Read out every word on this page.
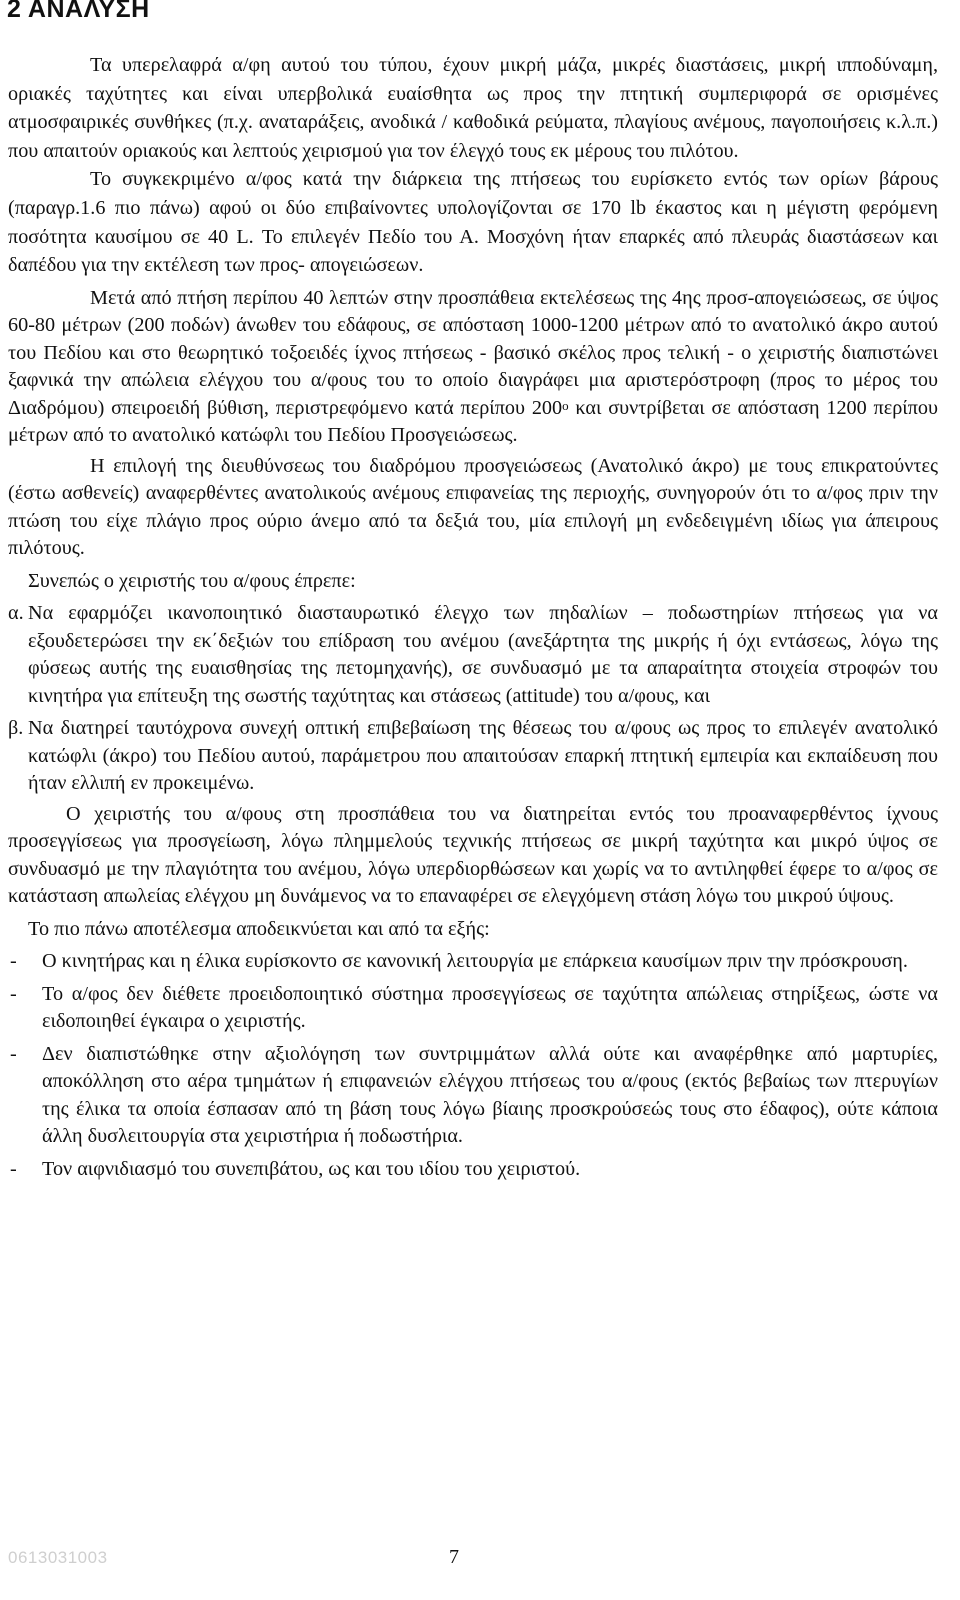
2 ΑΝΑΛΥΣΗ

Τα υπερελαφρά α/φη αυτού του τύπου, έχουν μικρή μάζα, μικρές διαστάσεις, μικρή ιπποδύναμη, οριακές ταχύτητες και είναι υπερβολικά ευαίσθητα ως προς την πτητική συμπεριφορά σε ορισμένες ατμοσφαιρικές συνθήκες (π.χ. αναταράξεις, ανοδικά / καθοδικά ρεύματα, πλαγίους ανέμους, παγοποιήσεις κ.λ.π.) που απαιτούν οριακούς και λεπτούς χειρισμού για τον έλεγχό τους εκ μέρους του πιλότου.

Το συγκεκριμένο α/φος κατά την διάρκεια της πτήσεως του ευρίσκετο εντός των ορίων βάρους (παραγρ.1.6 πιο πάνω) αφού οι δύο επιβαίνοντες υπολογίζονται σε 170 lb έκαστος και η μέγιστη φερόμενη ποσότητα καυσίμου σε 40 L. Το επιλεγέν Πεδίο του Α. Μοσχόνη ήταν επαρκές από πλευράς διαστάσεων και δαπέδου για την εκτέλεση των προς- απογειώσεων.

Μετά από πτήση περίπου 40 λεπτών στην προσπάθεια εκτελέσεως της 4ης προσ-απογειώσεως, σε ύψος 60-80 μέτρων (200 ποδών) άνωθεν του εδάφους, σε απόσταση 1000-1200 μέτρων από το ανατολικό άκρο αυτού του Πεδίου και στο θεωρητικό τοξοειδές ίχνος πτήσεως - βασικό σκέλος προς τελική - ο χειριστής διαπιστώνει ξαφνικά την απώλεια ελέγχου του α/φους του το οποίο διαγράφει μια αριστερόστροφη (προς το μέρος του Διαδρόμου) σπειροειδή βύθιση, περιστρεφόμενο κατά περίπου $200^o$ και συντρίβεται σε απόσταση 1200 περίπου μέτρων από το ανατολικό κατώφλι του Πεδίου Προσγειώσεως.

Η επιλογή της διευθύνσεως του διαδρόμου προσγειώσεως (Ανατολικό άκρο) με τους επικρατούντες (έστω ασθενείς) αναφερθέντες ανατολικούς ανέμους επιφανείας της περιοχής, συνηγορούν ότι το α/φος πριν την πτώση του είχε πλάγιο προς ούριο άνεμο από τα δεξιά του, μία επιλογή μη ενδεδειγμένη ιδίως για άπειρους πιλότους.

Συνεπώς ο χειριστής του α/φους έπρεπε:

α. Να εφαρμόζει ικανοποιητικό διασταυρωτικό έλεγχο των πηδαλίων – ποδωστηρίων πτήσεως για να εξουδετερώσει την εκ΄δεξιών του επίδραση του ανέμου (ανεξάρτητα της μικρής ή όχι εντάσεως, λόγω της φύσεως αυτής της ευαισθησίας της πετομηχανής), σε συνδυασμό με τα απαραίτητα στοιχεία στροφών του κινητήρα για επίτευξη της σωστής ταχύτητας και στάσεως (attitude) του α/φους, και
β. Να διατηρεί ταυτόχρονα συνεχή οπτική επιβεβαίωση της θέσεως του α/φους ως προς το επιλεγέν ανατολικό κατώφλι (άκρο) του Πεδίου αυτού, παράμετρου που απαιτούσαν επαρκή πτητική εμπειρία και εκπαίδευση που ήταν ελλιπή εν προκειμένω.

Ο χειριστής του α/φους στη προσπάθεια του να διατηρείται εντός του προαναφερθέντος ίχνους προσεγγίσεως για προσγείωση, λόγω πλημμελούς τεχνικής πτήσεως σε μικρή ταχύτητα και μικρό ύψος σε συνδυασμό με την πλαγιότητα του ανέμου, λόγω υπερδιορθώσεων και χωρίς να το αντιληφθεί έφερε το α/φος σε κατάσταση απωλείας ελέγχου μη δυνάμενος να το επαναφέρει σε ελεγχόμενη στάση λόγω του μικρού ύψους.

Το πιο πάνω αποτέλεσμα αποδεικνύεται και από τα εξής:

-	Ο κινητήρας και η έλικα ευρίσκοντο σε κανονική λειτουργία με επάρκεια καυσίμων πριν την πρόσκρουση.
-	Το α/φος δεν διέθετε προειδοποιητικό σύστημα προσεγγίσεως σε ταχύτητα απώλειας στηρίξεως, ώστε να ειδοποιηθεί έγκαιρα ο χειριστής.
-	Δεν διαπιστώθηκε στην αξιολόγηση των συντριμμάτων αλλά ούτε και αναφέρθηκε από μαρτυρίες, αποκόλληση στο αέρα τμημάτων ή επιφανειών ελέγχου πτήσεως του α/φους (εκτός βεβαίως των πτερυγίων της έλικα τα οποία έσπασαν από τη βάση τους λόγω βίαιης προσκρούσεώς τους στο έδαφος), ούτε κάποια άλλη δυσλειτουργία στα χειριστήρια ή ποδωστήρια.
-	Τον αιφνιδιασμό του συνεπιβάτου, ως και του ιδίου του χειριστού.
0613031003	7
